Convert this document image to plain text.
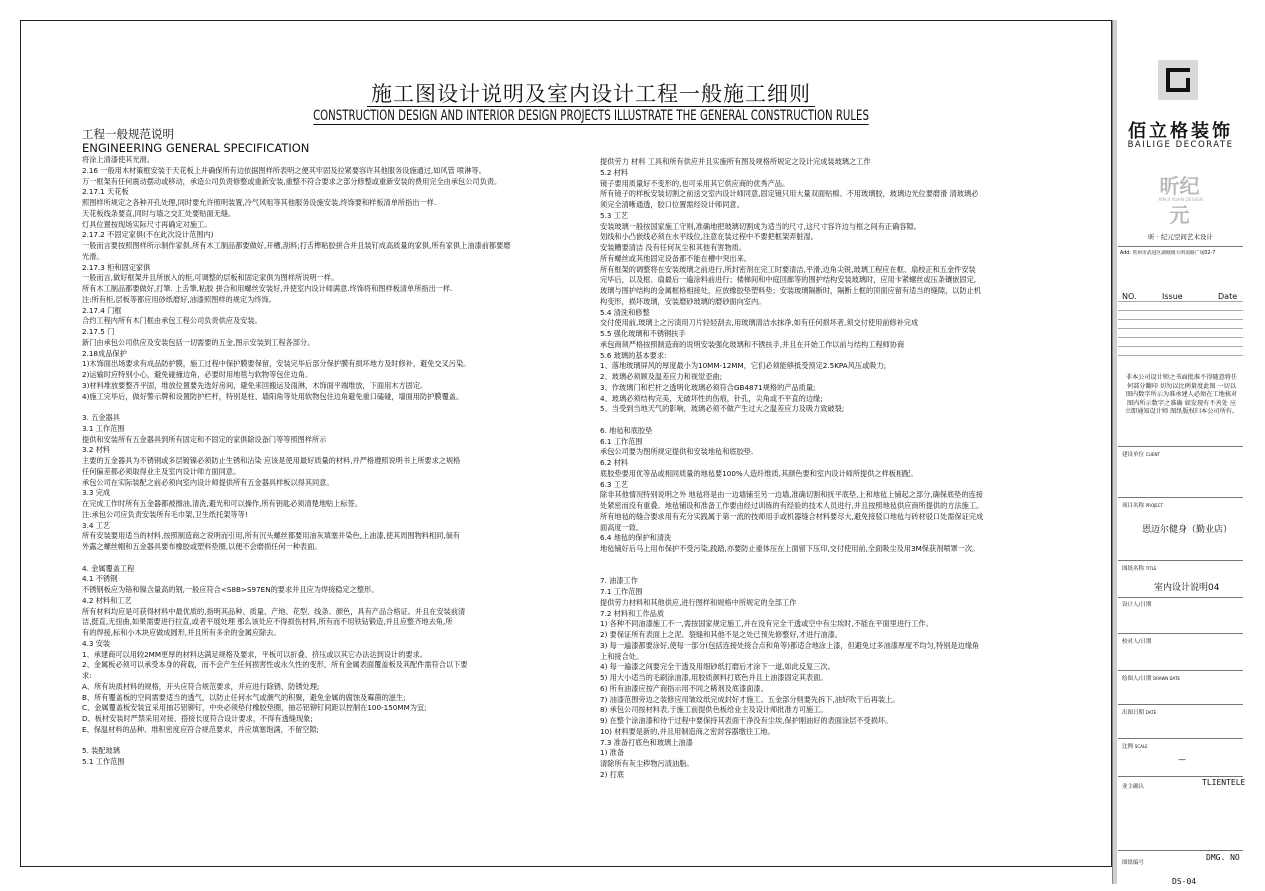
施工图设计说明及室内设计工程一般施工细则
CONSTRUCTION DESIGN AND INTERIOR DESIGN PROJECTS ILLUSTRATE THE GENERAL CONSTRUCTION RULES
工程一般规范说明
ENGINEERING GENERAL SPECIFICATION
将涂上清漆使其光滑。
2.16 一般用木材策框安装于天花板上并确保所有边依据图样所表明之便其牢固及拉紧要容许其他服务设施通过,如风管 喷淋等。
万一框架有任何震动摆动或移动，承造公司负责修整或重新安装,重整不符合要求之部分修整或重新安装的费用完全由承包公司负责。
2.17.1 天花板
照图样所规定之各种开孔处理,同时要允许照明装置,冷气风咀等其他服务设施安装,终饰要和样板清单所指出一样.
天花板线条要直,同时与墙之交汇处要贴面无缝。
灯具位置按现场实际尺寸再确定对施工。
2.17.2 不固定家俱(不在此次设计范围内)
一般而言要按照图样所示制作家俱,所有木工制品都要做好,开槽,刮料;打舌榫粘胶拼合并且装钉成高质量的家俱,所有家俱上油漆前都要磨
光滑。
2.17.3 柜和固定家俱
一般而言,做好框架并且所嵌入的柜,可调整的层板和固定家俱为图样所说明一样。
所有木工制品都要做好,打筆. 上舌筆,粘胶 拼合和用螺丝安装好,并使室内设计师满意.终饰将和图样板清单所指出一样.
注:所有柜,层板等都应用砂纸磨好,油漆照图样的规定为终饰。
2.17.4 门框
合约工程内所有木门框由承包工程公司负责供应及安装。
2.17.5 门
新门由承包公司供应及安装包括一切需要的五金,图示安装到工程各部分。
2.18成品保护
1)木饰面出场要求有成品防护膜，施工过程中保护膜要保留，安装完毕后部分保护膜有损坏地方及时修补，避免交叉污染。
2)运输时应特别小心，避免碰撞边角，必要时用地毯与软物等包住边角。
3)材料堆放要整齐平固，堆放位置要先选好房间，避免来回搬运及雨淋，木饰面平端堆放，下面用木方固定。
4)施工完毕后，做好警示牌和设置防护栏杆，特别是柱、墙阳角等处用软物包住边角避免重口磕碰，墙面用防护膜覆盖。
3. 五金器具
3.1 工作范围
提供和安装所有五金器具到所有固定和不固定的家俱除设备门等等照图样所示
3.2 材料
主要的五金器具为不锈钢或多层镀镍必须防止生锈和沾染 应该是使用最好质量的材料,并严格遵照说明书上所要求之规格
任何偏差都必须取得业主及室内设计师方面同意。
承包公司在实际装配之前必须向室内设计师提供所有五金器具样板以得其同意。
3.3 完成
在完成工作时所有五金器都被擦油,清洗,避光和可以操作,所有钥匙必须清楚地贴上标签。
注:承包公司应负责安装所有毛巾架,卫生纸托架等等!
3.4 工艺
所有安装要用适当的材料,按照制造商之说明而引用,所有沉头螺丝都要用油灰填塞并染色,上油漆,使其周围物料相同,倘有
外露之螺丝帽和五金器具要布橡胶或塑料垫圈,以便不会磨损任何一种表面。
4. 金属覆盖工程
4.1 不锈钢
不锈钢板应为铬和镍含量高的钢,一般应符合<S8B>S97EN的要求并且应为焊接稳定之整形。
4.2 材料和工艺
所有材料均应是可获得材料中最优质的,指明其品种、质量、产地、花型、线条、颜色，具有产品合格证。并且在安装前清
洁,挺直,无扭曲,如果需要进行拉直,或者平展处理 那么该处应不得损伤材料,所有而不用铁钻锻造,并且应整齐地去角,所
有的焊接,标和小木块应做成圆形,并且所有多余的金属应除去。
4.3 安装
1、承建商可以用较2MM更厚的材料达满足规格及要求，平板可以折叠、挤压或以其它办法达到设计的要求。
2、金属板必须可以承受本身的荷载，而不会产生任何损害性或永久性的变形，所有金属表面覆盖板及其配件需符合以下要
求:
A、所有块质材料的规格，开头应符合规范要求，并应进行除锈、防锈处理;
B、所有覆盖板的空间需要适当的透气，以防止任何水气或潮气的积聚，避免金属的腐蚀及霉菌的滋生;
C、金属覆盖板安装宜采用抽芯铝铆钉，中央必须垫付橡胶垫圈，抽芯铝铆钉间距以控制在100-150MM为宜;
D、板材安装时严禁采用对接、搭接长度符合设计要求，不得有透缝现象;
E、保温材料的品种、堆积密度应符合规范要求，并应填塞饱满，不留空隙;
5. 装配玻璃
5.1 工作范围
提供劳力 材料 工具和所有供应并且实施所有图及规格所规定之设计完成装玻璃之工作
5.2 材料
镜子要用质量好不变形的,也可采用其它供应商的优秀产品。
所有镜子的样板安装切割之前送交室内设计师同意,固定镜只用大量双面贴棉、不用玻璃胶，玻璃边光位要磨滑 清玻璃必
须完全清晰通透，胶口位置需经设计师同意。
5.3 工艺
安装玻璃一般按国家施工守则,准确地把玻璃切割成为适当的尺寸,这尺寸容许边与框之间有正确容隙。
划线和小凸嵌线必须在水平线位,注意在装过程中不要把框架弄脏湿。
安装糟要清洁 没有任何灰尘和其他有害物质。
所有螺丝或其他固定设备都不能在槽中突出来。
所有框架的调整将在安装玻璃之前进行,所封密剂在完工时要清洁,平滑,边角尖锐,玻璃工程应在框、扇校正和五金件安装
完毕后，以及框、扇最后一遍涂料前进行；楼梯间和中庭回廊等的围护结构安装玻璃时，应用卡紧螺丝或压条镶嵌固定,
玻璃与围护结构的金属框格相接处，应放橡胶垫塑料垫；安装玻璃隔断时，隔断上框的顶面应留有适当的缝隙，以防止机
构变形，损坏玻璃，安装磨砂玻璃的磨砂面向室内。
5.4 清洗和修整
交付使用前,玻璃上之污渍用刀片轻轻刮去,用玻璃清洁水抹净,如有任何损坏者,须交付使用前修补完成
5.5 强化玻璃和不锈钢扶手
承包商须严格按照制造商的说明安装强化玻璃和不锈扶手,并且在开始工作以前与结构工程师协商
5.6 玻璃的基本要求:
1、落地玻璃屏风的厚度最小为10MM-12MM，它们必须能够抵受预定2.5KPA风压或吸力;
2、玻璃必须顾及温差应力和视觉歪曲;
3、作玻璃门和栏杆之透明化玻璃必须符合GB4871规格的产品质量;
4、玻璃必须结构完美，无破坏性的伤痕，针孔，尖角或不平直的边缘;
5、当受到当地天气的影响，玻璃必须不做产生过大之温差应力及吸力致破裂;
6. 地毡和底胶垫
6.1 工作范围
承包公司要为图所规定提供和安装地毡和底胶垫.
6.2 材料
底胶垫要用优等品或相同质量的地毡要100%人造纤维质,其颜色要和室内设计师所提供之样板相配。
6.3 工艺
除非其他情况特别说明之外 地毡将是由一边墙铺至另一边墙,准确切割和抚平底垫,上和地毡上铺起之部分,确保底垫的连接
处紧密而没有重叠。地毡铺设和准备工作要由经过训练的有经验的技术人员进行,并且按照地毡供应商所提供的方法施工。
所有地毡的缝合要求用有充分实践属于第一流的技师用手或机器缝合材料要尽大,避免接驳口地毡与砖材驳口处需保证完成
面高度一致。
6.4 地毡的保护和清洗
地毡铺好后马上用布保护不受污染,践踏,亦要防止重体压在上面留下压印,交付使用前,全面吸尘及用3M保获剂喷罩一次。
7. 油漆工作
7.1 工作范围
提供劳力材料和其他供应,进行图样和规格中所规定的全部工作
7.2 材料和工作品质
1) 各种不同油漆施工不一,需按国家规定施工,并在没有完全干透或空中有尘埃时,不能在平面里进行工作。
2) 要保证所有表面上之泥、裂缝和其他不是之处已预先修整好,才进行油漆。
3) 每一遍漆都要涂好,使每一部分(包括连接处接合点和角等)都适合地涂上漆，但避免过多油漆厚度不均匀,特别是边缘角
上和接合处。
4) 每一遍漆之间要完全干透及用细砂纸打磨后才涂下一道,如此反复三次。
5) 用大小适当的毛刷涂油漆,用胶质颜料打底色并且上油漆固定其表面。
6) 所有油漆应按产商指示用不同之稀剂及底漆面漆。
7) 油漆范围旁边之装修应用皱纹纸完成封好才施工。五金部分则要先拆下,油好吹干后再装上。
8) 承包公司按材料表,于施工前提供色板给业主及设计师批准方可施工。
9) 在整个涂油漆和待干过程中要保持其表面干净没有尘埃,保护刚油好的表面涂层不受损坏。
10) 材料要是新的,并且用制造商之密封容器缴往工地。
7.3 准备打底色和玻璃上油漆
1) 准备
清除所有灰尘秽物污渍油脂。
2) 打底
佰立格装饰
BAILIGE DECORATE
昕纪元
XIN JI YUAN DESIGN
昕 · 纪元空间艺术设计
Add: 常州市武进区湖塘镇大明南路广场02-7
NO.	Issue	Date
非本公司设计师之书面批准不得随意将任何部分翻印 切勿以比例量度此图 一切以图内数字所示为准承建人必须在工地核对图内所示数字之准确 如发现有不善处 应立即通知设计师 图纸版权归本公司所有。
建设单位 CLIENT
项目名称 PROJECT
恩迈尔健身（勤业店）
图纸名称 TITLE
室内设计说明04
设计人/日期
校对人/日期
绘图人/日期 DRAWN DATE
出图日期 DATE
比例 SCALE
—
业主确认	TLIENTELE
图纸编号
DMG. NO
DS-04
